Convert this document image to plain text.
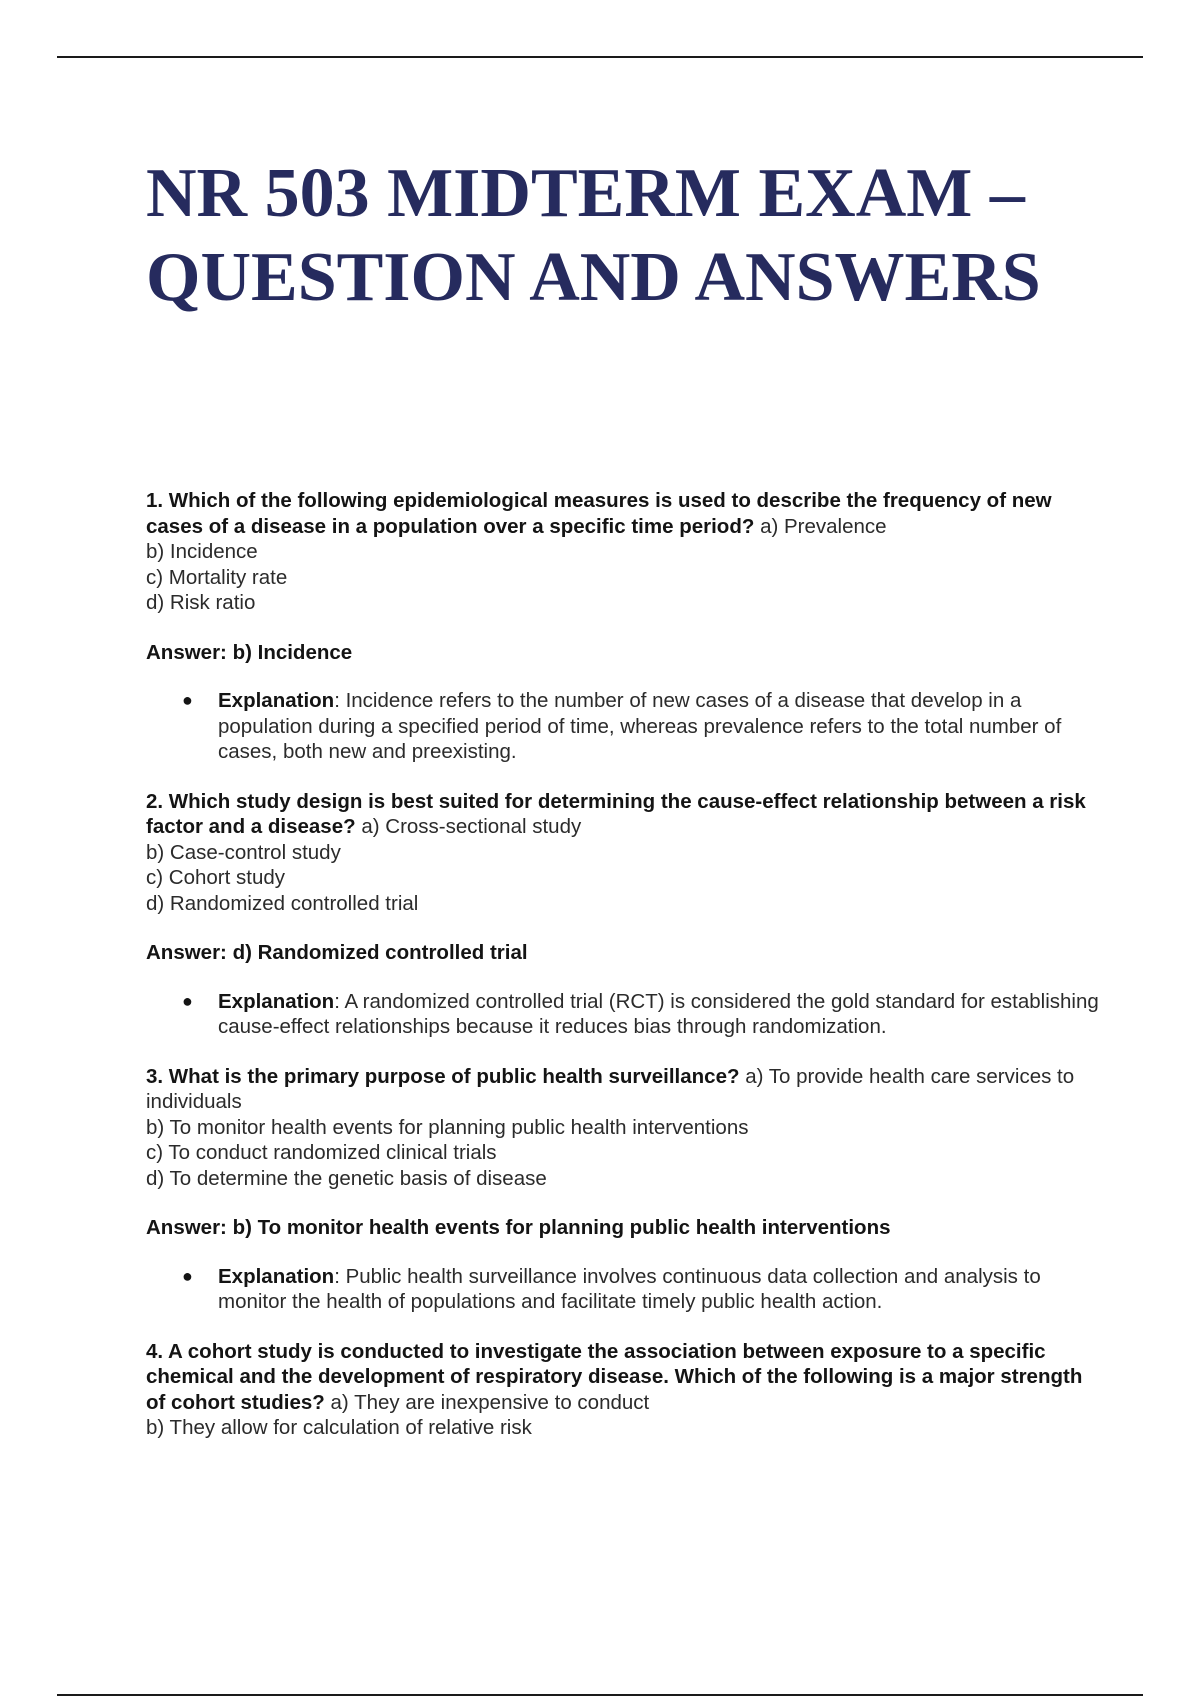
NR 503 MIDTERM EXAM –
QUESTION AND ANSWERS

1. Which of the following epidemiological measures is used to describe the frequency of new cases of a disease in a population over a specific time period? a) Prevalence
b) Incidence
c) Mortality rate
d) Risk ratio

Answer: b) Incidence

● Explanation: Incidence refers to the number of new cases of a disease that develop in a population during a specified period of time, whereas prevalence refers to the total number of cases, both new and preexisting.

2. Which study design is best suited for determining the cause-effect relationship between a risk factor and a disease? a) Cross-sectional study
b) Case-control study
c) Cohort study
d) Randomized controlled trial

Answer: d) Randomized controlled trial

● Explanation: A randomized controlled trial (RCT) is considered the gold standard for establishing cause-effect relationships because it reduces bias through randomization.

3. What is the primary purpose of public health surveillance? a) To provide health care services to individuals
b) To monitor health events for planning public health interventions
c) To conduct randomized clinical trials
d) To determine the genetic basis of disease

Answer: b) To monitor health events for planning public health interventions

● Explanation: Public health surveillance involves continuous data collection and analysis to monitor the health of populations and facilitate timely public health action.

4. A cohort study is conducted to investigate the association between exposure to a specific chemical and the development of respiratory disease. Which of the following is a major strength of cohort studies? a) They are inexpensive to conduct
b) They allow for calculation of relative risk
